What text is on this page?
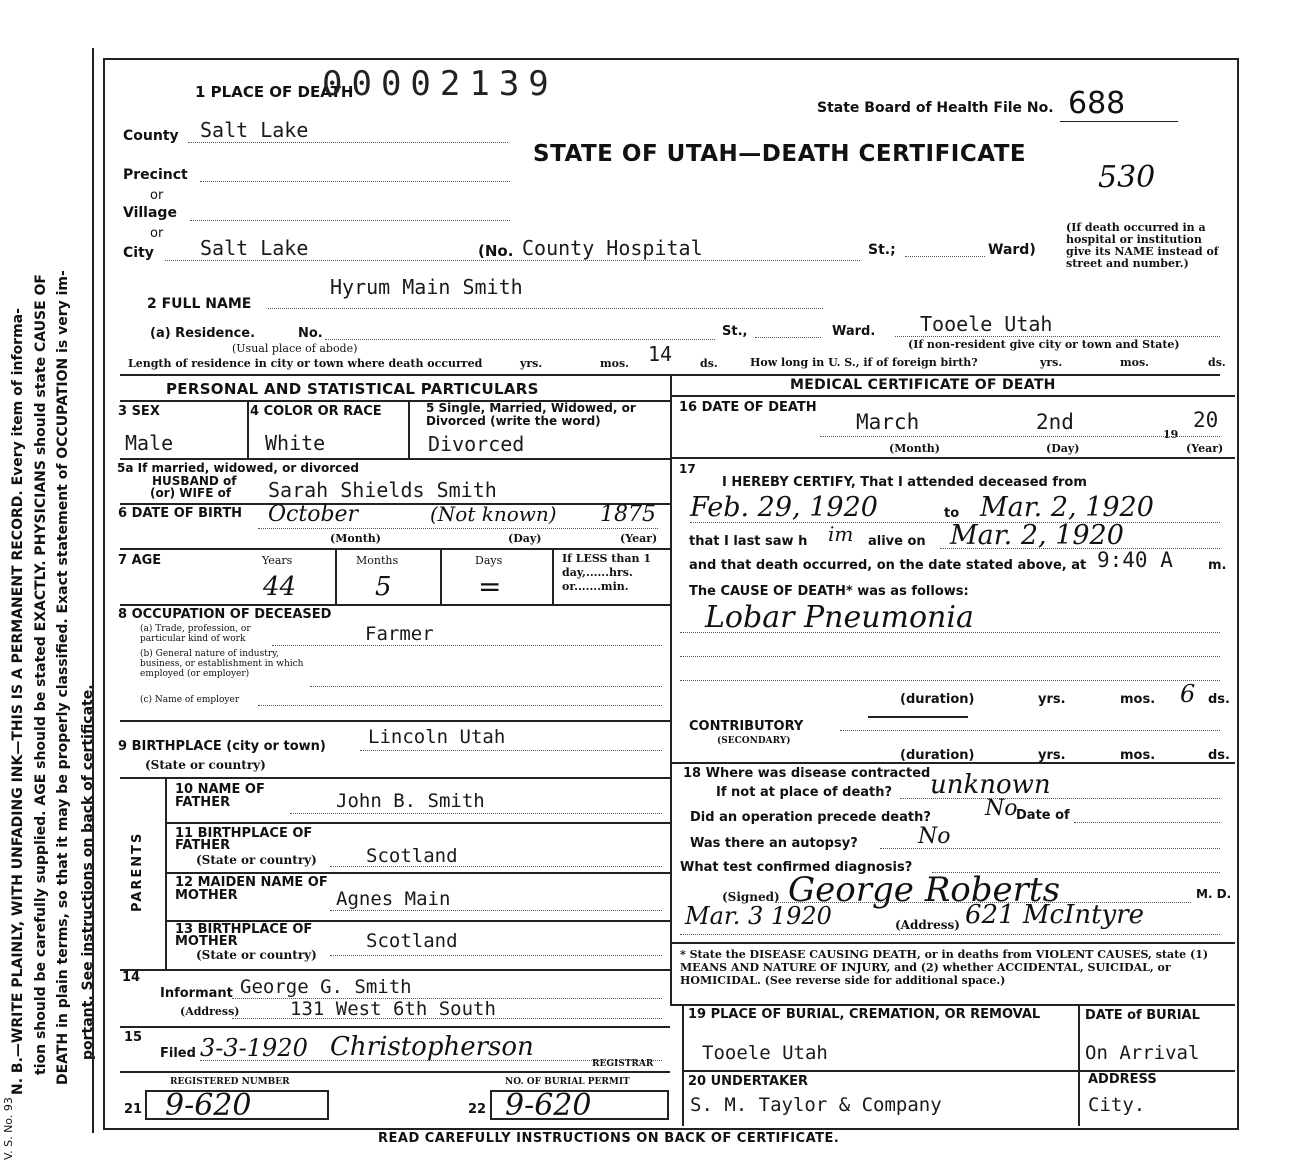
N. B.—WRITE PLAINLY, WITH UNFADING INK—THIS IS A PERMANENT RECORD. Every item of informa- tion should be carefully supplied. AGE should be stated EXACTLY. PHYSICIANS should state CAUSE OF DEATH in plain terms, so that it may be properly classified. Exact statement of OCCUPATION is very im- portant. See instructions on back of certificate.
V. S. No. 93
1 PLACE OF DEATH
00002139
State Board of Health File No. 688
STATE OF UTAH—DEATH CERTIFICATE
530
County Salt Lake
Precinct
or
Village
or
City Salt Lake	(No. County Hospital	St.;	Ward)
(If death occurred in a hospital or institution give its NAME instead of street and number.)
2 FULL NAME
Hyrum Main Smith
(a) Residence.	No.	St.,	Ward. Tooele Utah
(Usual place of abode)	(If non-resident give city or town and State)
Length of residence in city or town where death occurred	yrs.	mos. 14	ds.	How long in U. S., if of foreign birth?	yrs.	mos.	ds.
PERSONAL AND STATISTICAL PARTICULARS
3 SEX
Male
4 COLOR OR RACE
White
5 Single, Married, Widowed, or Divorced (write the word)
Divorced
5a If married, widowed, or divorced
HUSBAND of
(or) WIFE of Sarah Shields Smith
6 DATE OF BIRTH October	(Not known) 1875
(Month)	(Day)	(Year)
7 AGE	Years
44
Months
5
Days
=
If LESS than 1 day,......hrs. or.......min.
8 OCCUPATION OF DECEASED
(a) Trade, profession, or particular kind of work
(b) General nature of industry, business, or establishment in which employed (or employer)
(c) Name of employer
Farmer
9 BIRTHPLACE (city or town)
(State or country)
Lincoln Utah
PARENTS
10 NAME OF FATHER	John B. Smith
11 BIRTHPLACE OF FATHER
(State or country)	Scotland
12 MAIDEN NAME OF MOTHER	Agnes Main
13 BIRTHPLACE OF MOTHER
(State or country)
Scotland
14
Informant George G. Smith
(Address)	131 West 6th South
15
Filed 3-3-1920 Christopherson
REGISTRAR
REGISTERED NUMBER
21 9-620
NO. OF BURIAL PERMIT
22 9-620
MEDICAL CERTIFICATE OF DEATH
16 DATE OF DEATH
March	2nd
19
20
(Month)	(Day)	(Year)
17
I HEREBY CERTIFY, That I attended deceased from
Feb. 29, 1920	to Mar. 2, 1920
that I last saw h im alive on Mar. 2, 1920
and that death occurred, on the date stated above, at 9:40 A	m.
The CAUSE OF DEATH* was as follows:
Lobar Pneumonia
(duration)	yrs.	mos. 6 ds.
CONTRIBUTORY
(SECONDARY)
(duration)	yrs.	mos.	ds.
18 Where was disease contracted
If not at place of death? unknown
Did an operation precede death? No
Date of
Was there an autopsy?	No
What test confirmed diagnosis?
(Signed) George Roberts	M. D.
Mar. 3 1920	(Address) 621 McIntyre
* State the DISEASE CAUSING DEATH, or in deaths from VIOLENT CAUSES, state (1) MEANS AND NATURE OF INJURY, and (2) whether ACCIDENTAL, SUICIDAL, or HOMICIDAL. (See reverse side for additional space.)
19 PLACE OF BURIAL, CREMATION, OR REMOVAL
Tooele Utah
DATE of BURIAL
On Arrival
20 UNDERTAKER
S. M. Taylor & Company
ADDRESS
City.
READ CAREFULLY INSTRUCTIONS ON BACK OF CERTIFICATE.
